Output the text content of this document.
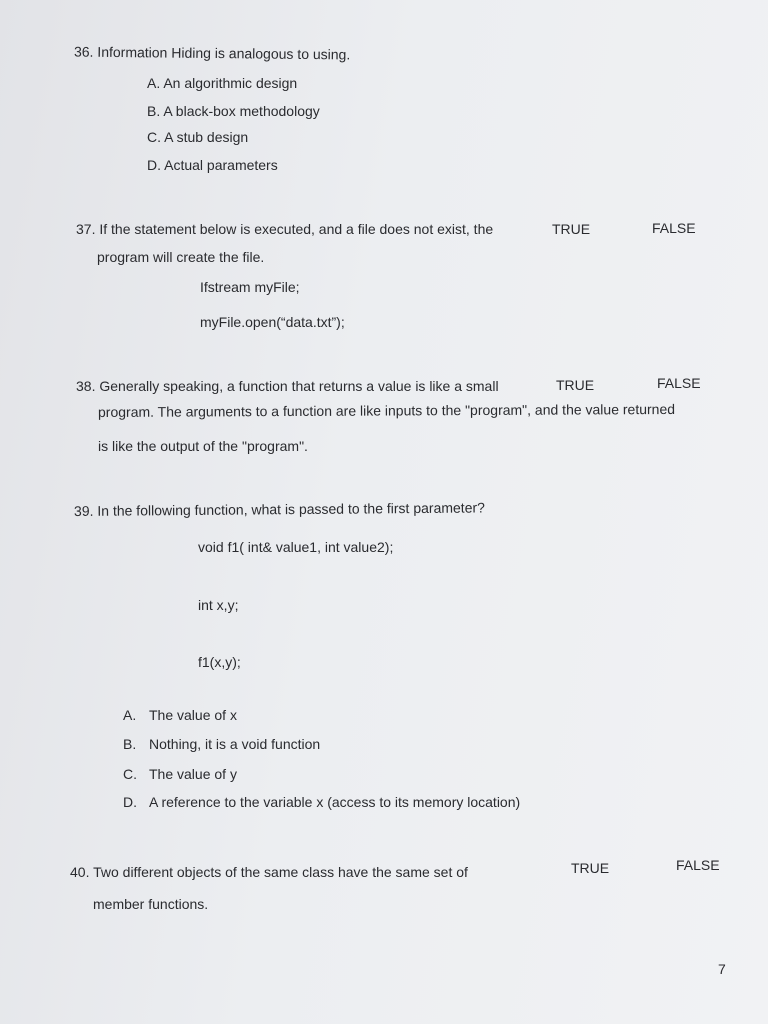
36. Information Hiding is analogous to using.
A. An algorithmic design
B. A black-box methodology
C. A stub design
D. Actual parameters
37. If the statement below is executed, and a file does not exist, the	TRUE	FALSE
program will create the file.
Ifstream myFile;
myFile.open(“data.txt”);
38. Generally speaking, a function that returns a value is like a small	TRUE	FALSE
program. The arguments to a function are like inputs to the "program", and the value returned
is like the output of the "program".
39. In the following function, what is passed to the first parameter?
void f1( int& value1, int value2);
int x,y;
f1(x,y);
A. The value of x
B. Nothing, it is a void function
C. The value of y
D. A reference to the variable x (access to its memory location)
40. Two different objects of the same class have the same set of	TRUE	FALSE
member functions.
7
